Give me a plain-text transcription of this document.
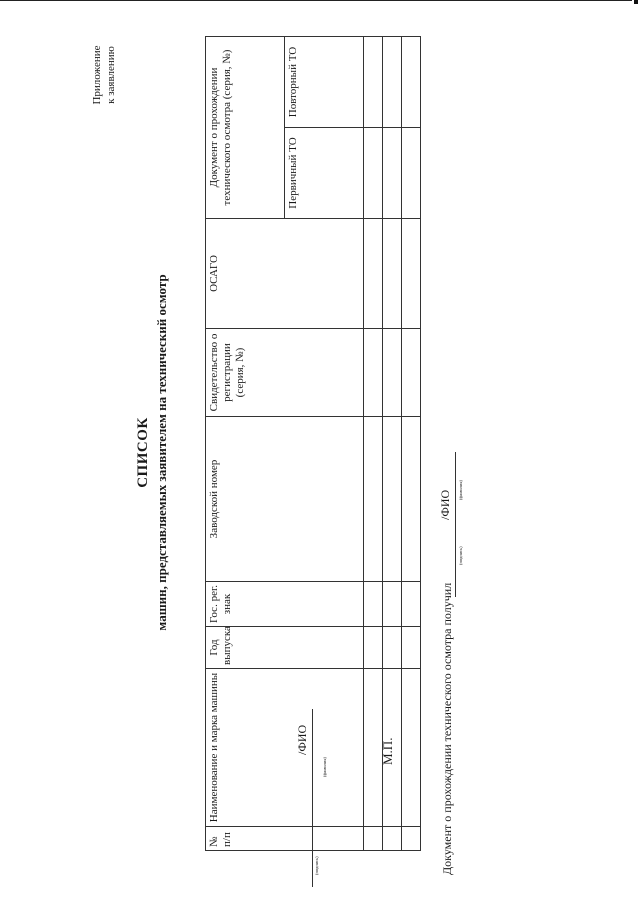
Приложение к заявлению
СПИСОК машин, представляемых заявителем на технический осмотр
№ п/п	Наименование и марка машины	Год выпуска	Гос. рег. знак	Заводской номер	Свидетельство о регистрации (серия, №)	ОСАГО	Документ о прохождении технического осмотра (серия, №)	
							Первичный ТО	Повторный ТО

/ФИО
(подпись)
(фамилия)
М.П.	Документ о прохождении технического осмотра получил
/ФИО
(подпись)
(фамилия)
